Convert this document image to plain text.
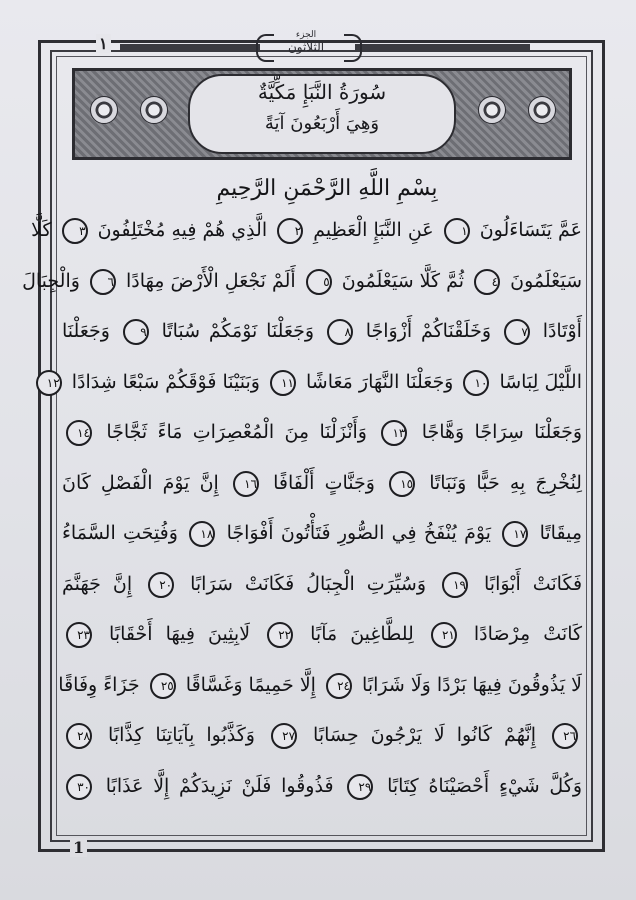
١	الجزء
الثلاثون
سُورَةُ النَّبَإِ مَكِّيَّةٌ
وَهِيَ أَرْبَعُونَ آيَةً
بِسْمِ اللَّهِ الرَّحْمَنِ الرَّحِيمِ
عَمَّ يَتَسَاءَلُونَ ١ عَنِ النَّبَإِ الْعَظِيمِ ٢ الَّذِي هُمْ فِيهِ مُخْتَلِفُونَ ٣ كَلَّا
سَيَعْلَمُونَ ٤ ثُمَّ كَلَّا سَيَعْلَمُونَ ٥ أَلَمْ نَجْعَلِ الْأَرْضَ مِهَادًا ٦ وَالْجِبَالَ
أَوْتَادًا ٧ وَخَلَقْنَاكُمْ أَزْوَاجًا ٨ وَجَعَلْنَا نَوْمَكُمْ سُبَاتًا ٩ وَجَعَلْنَا
اللَّيْلَ لِبَاسًا ١٠ وَجَعَلْنَا النَّهَارَ مَعَاشًا ١١ وَبَنَيْنَا فَوْقَكُمْ سَبْعًا شِدَادًا ١٢
وَجَعَلْنَا سِرَاجًا وَهَّاجًا ١٣ وَأَنْزَلْنَا مِنَ الْمُعْصِرَاتِ مَاءً ثَجَّاجًا ١٤
لِنُخْرِجَ بِهِ حَبًّا وَنَبَاتًا ١٥ وَجَنَّاتٍ أَلْفَافًا ١٦ إِنَّ يَوْمَ الْفَصْلِ كَانَ
مِيقَاتًا ١٧ يَوْمَ يُنْفَخُ فِي الصُّورِ فَتَأْتُونَ أَفْوَاجًا ١٨ وَفُتِحَتِ السَّمَاءُ
فَكَانَتْ أَبْوَابًا ١٩ وَسُيِّرَتِ الْجِبَالُ فَكَانَتْ سَرَابًا ٢٠ إِنَّ جَهَنَّمَ
كَانَتْ مِرْصَادًا ٢١ لِلطَّاغِينَ مَآبًا ٢٢ لَابِثِينَ فِيهَا أَحْقَابًا ٢٣
لَا يَذُوقُونَ فِيهَا بَرْدًا وَلَا شَرَابًا ٢٤ إِلَّا حَمِيمًا وَغَسَّاقًا ٢٥ جَزَاءً وِفَاقًا
٢٦ إِنَّهُمْ كَانُوا لَا يَرْجُونَ حِسَابًا ٢٧ وَكَذَّبُوا بِآيَاتِنَا كِذَّابًا ٢٨
وَكُلَّ شَيْءٍ أَحْصَيْنَاهُ كِتَابًا ٢٩ فَذُوقُوا فَلَنْ نَزِيدَكُمْ إِلَّا عَذَابًا ٣٠
1
